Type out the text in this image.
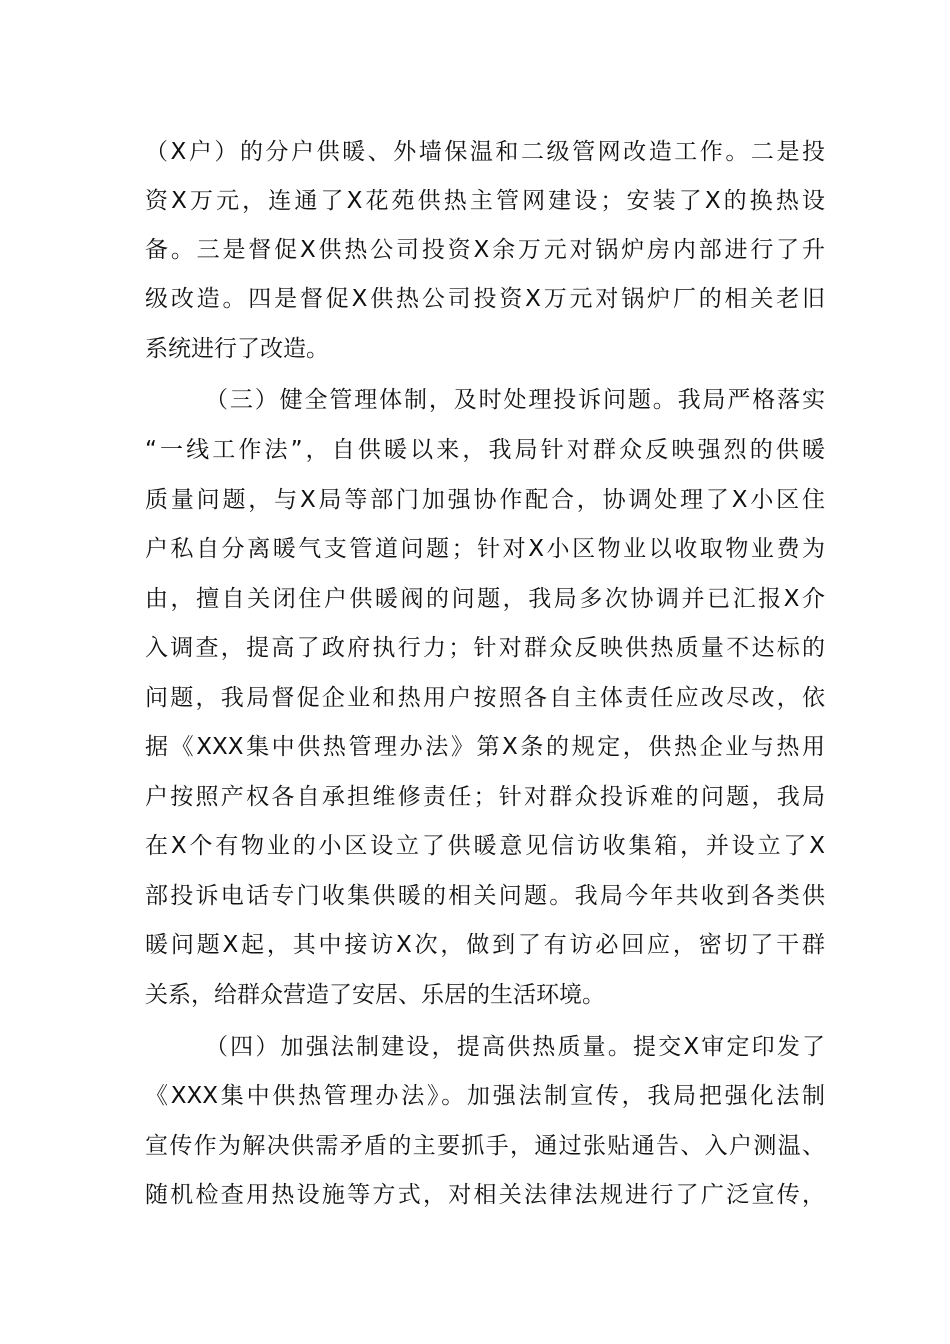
（X户）的分户供暖、外墙保温和二级管网改造工作。二是投
资X万元，连通了X花苑供热主管网建设；安装了X的换热设
备。三是督促X供热公司投资X余万元对锅炉房内部进行了升
级改造。四是督促X供热公司投资X万元对锅炉厂的相关老旧
系统进行了改造。
（三）健全管理体制，及时处理投诉问题。我局严格落实
“一线工作法”，自供暖以来，我局针对群众反映强烈的供暖
质量问题，与X局等部门加强协作配合，协调处理了X小区住
户私自分离暖气支管道问题；针对X小区物业以收取物业费为
由，擅自关闭住户供暖阀的问题，我局多次协调并已汇报X介
入调查，提高了政府执行力；针对群众反映供热质量不达标的
问题，我局督促企业和热用户按照各自主体责任应改尽改，依
据《XXX集中供热管理办法》第X条的规定，供热企业与热用
户按照产权各自承担维修责任；针对群众投诉难的问题，我局
在X个有物业的小区设立了供暖意见信访收集箱，并设立了X
部投诉电话专门收集供暖的相关问题。我局今年共收到各类供
暖问题X起，其中接访X次，做到了有访必回应，密切了干群
关系，给群众营造了安居、乐居的生活环境。
（四）加强法制建设，提高供热质量。提交X审定印发了
《XXX集中供热管理办法》。加强法制宣传，我局把强化法制
宣传作为解决供需矛盾的主要抓手，通过张贴通告、入户测温、
随机检查用热设施等方式，对相关法律法规进行了广泛宣传，
